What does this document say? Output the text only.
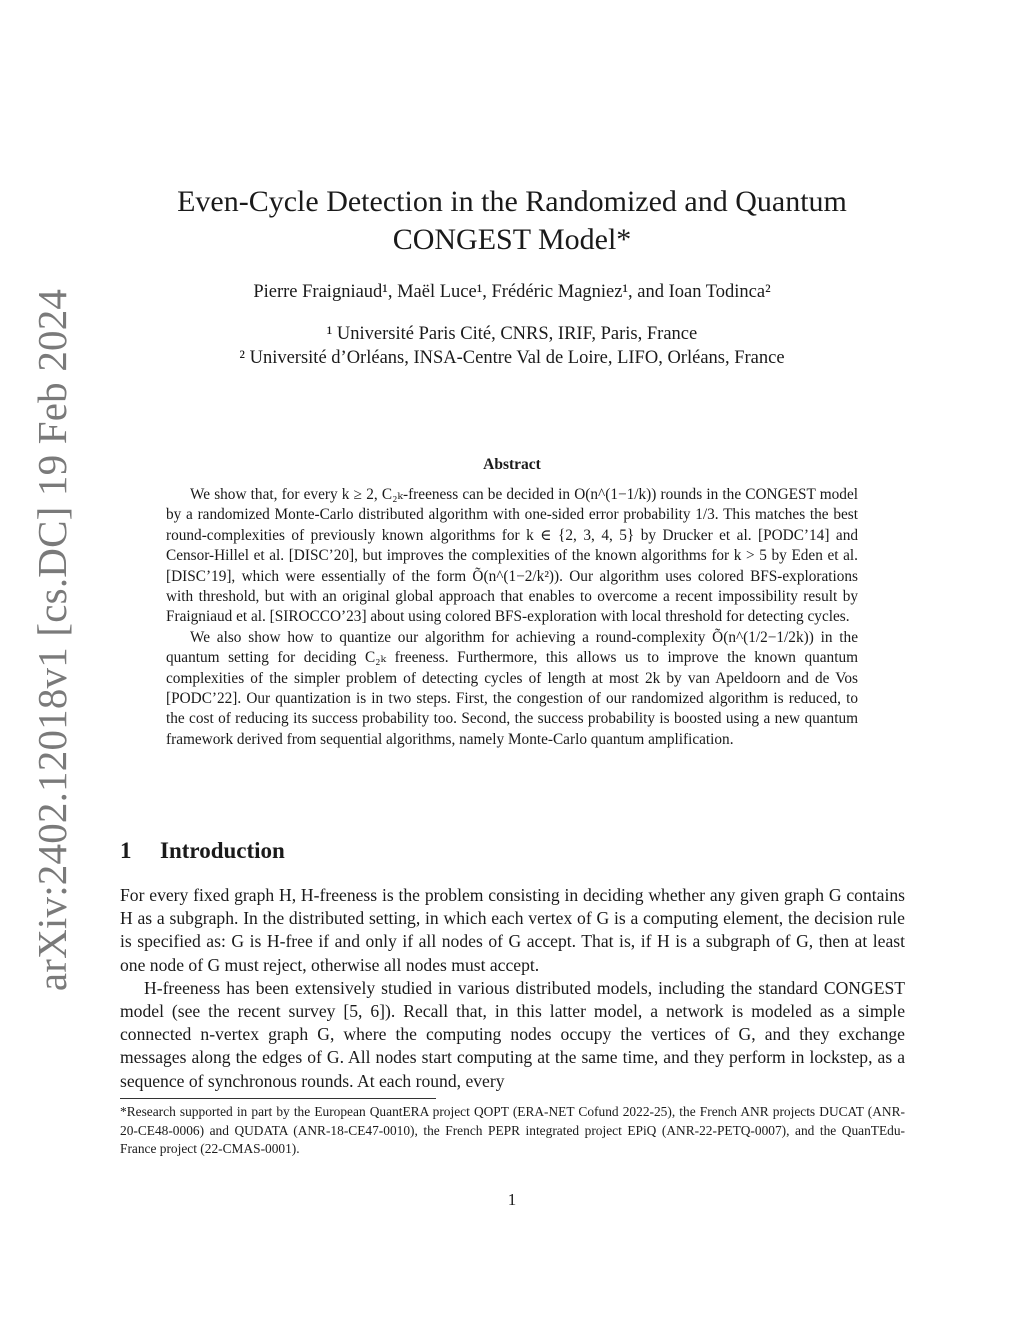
arXiv:2402.12018v1 [cs.DC] 19 Feb 2024
Even-Cycle Detection in the Randomized and Quantum
CONGEST Model*
Pierre Fraigniaud¹, Maël Luce¹, Frédéric Magniez¹, and Ioan Todinca²
¹ Université Paris Cité, CNRS, IRIF, Paris, France
² Université d’Orléans, INSA-Centre Val de Loire, LIFO, Orléans, France
Abstract

We show that, for every k ≥ 2, C₂ₖ-freeness can be decided in O(n^(1−1/k)) rounds in the CONGEST model by a randomized Monte-Carlo distributed algorithm with one-sided error probability 1/3. This matches the best round-complexities of previously known algorithms for k ∈ {2, 3, 4, 5} by Drucker et al. [PODC’14] and Censor-Hillel et al. [DISC’20], but improves the complexities of the known algorithms for k > 5 by Eden et al. [DISC’19], which were essentially of the form Õ(n^(1−2/k²)). Our algorithm uses colored BFS-explorations with threshold, but with an original global approach that enables to overcome a recent impossibility result by Fraigniaud et al. [SIROCCO’23] about using colored BFS-exploration with local threshold for detecting cycles.

We also show how to quantize our algorithm for achieving a round-complexity Õ(n^(1/2−1/2k)) in the quantum setting for deciding C₂ₖ freeness. Furthermore, this allows us to improve the known quantum complexities of the simpler problem of detecting cycles of length at most 2k by van Apeldoorn and de Vos [PODC’22]. Our quantization is in two steps. First, the congestion of our randomized algorithm is reduced, to the cost of reducing its success probability too. Second, the success probability is boosted using a new quantum framework derived from sequential algorithms, namely Monte-Carlo quantum amplification.

1 Introduction

For every fixed graph H, H-freeness is the problem consisting in deciding whether any given graph G contains H as a subgraph. In the distributed setting, in which each vertex of G is a computing element, the decision rule is specified as: G is H-free if and only if all nodes of G accept. That is, if H is a subgraph of G, then at least one node of G must reject, otherwise all nodes must accept.

H-freeness has been extensively studied in various distributed models, including the standard CONGEST model (see the recent survey [5, 6]). Recall that, in this latter model, a network is modeled as a simple connected n-vertex graph G, where the computing nodes occupy the vertices of G, and they exchange messages along the edges of G. All nodes start computing at the same time, and they perform in lockstep, as a sequence of synchronous rounds. At each round, every

*Research supported in part by the European QuantERA project QOPT (ERA-NET Cofund 2022-25), the French ANR projects DUCAT (ANR-20-CE48-0006) and QUDATA (ANR-18-CE47-0010), the French PEPR integrated project EPiQ (ANR-22-PETQ-0007), and the QuanTEdu-France project (22-CMAS-0001).
1
